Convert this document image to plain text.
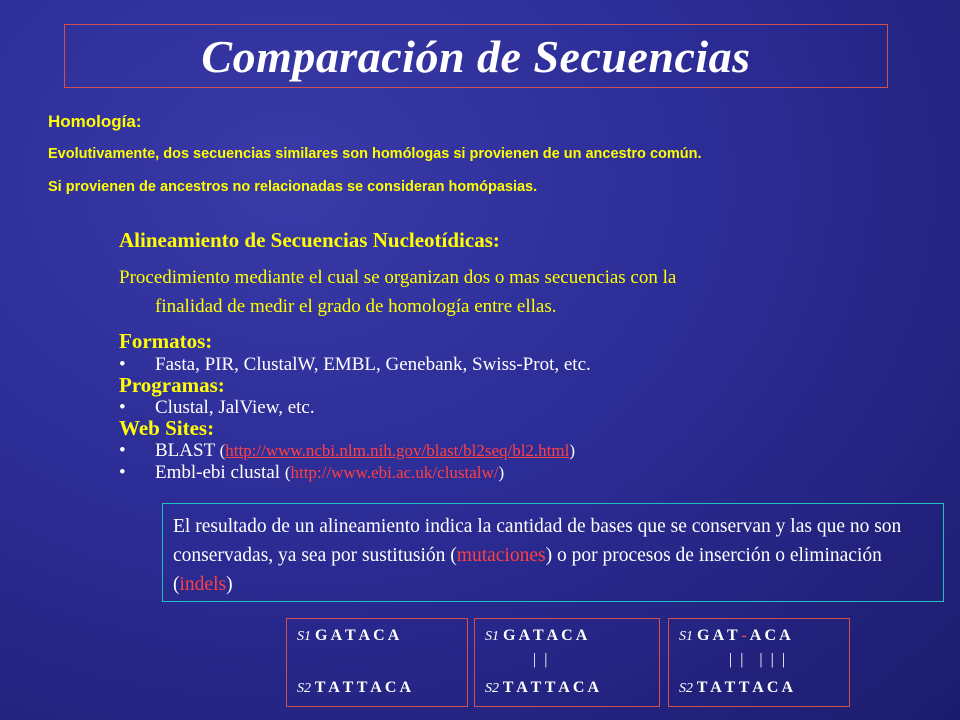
Comparación de Secuencias
Homología:
Evolutivamente, dos secuencias similares son homólogas si provienen de un ancestro común.
Si provienen de ancestros no relacionadas se consideran homópasias.
Alineamiento de Secuencias Nucleotídicas:
Procedimiento mediante el cual se organizan dos o mas secuencias con la
finalidad de medir el grado de homología entre ellas.
Formatos:
• Fasta, PIR, ClustalW, EMBL, Genebank, Swiss-Prot, etc.
Programas:
• Clustal, JalView, etc.
Web Sites:
• BLAST (http://www.ncbi.nlm.nih.gov/blast/bl2seq/bl2.html)
• Embl-ebi clustal (http://www.ebi.ac.uk/clustalw/)
El resultado de un alineamiento indica la cantidad de bases que se conservan y las que no son conservadas, ya sea por sustitusión (mutaciones) o por procesos de inserción o eliminación (indels)
S1 G A T A C A
S2 T A T T A C A
S1 G A T A C A
|  |
S2 T A T T A C A
S1 G A T - A C A
|  |    |  |  |
S2 T A T T A C A
